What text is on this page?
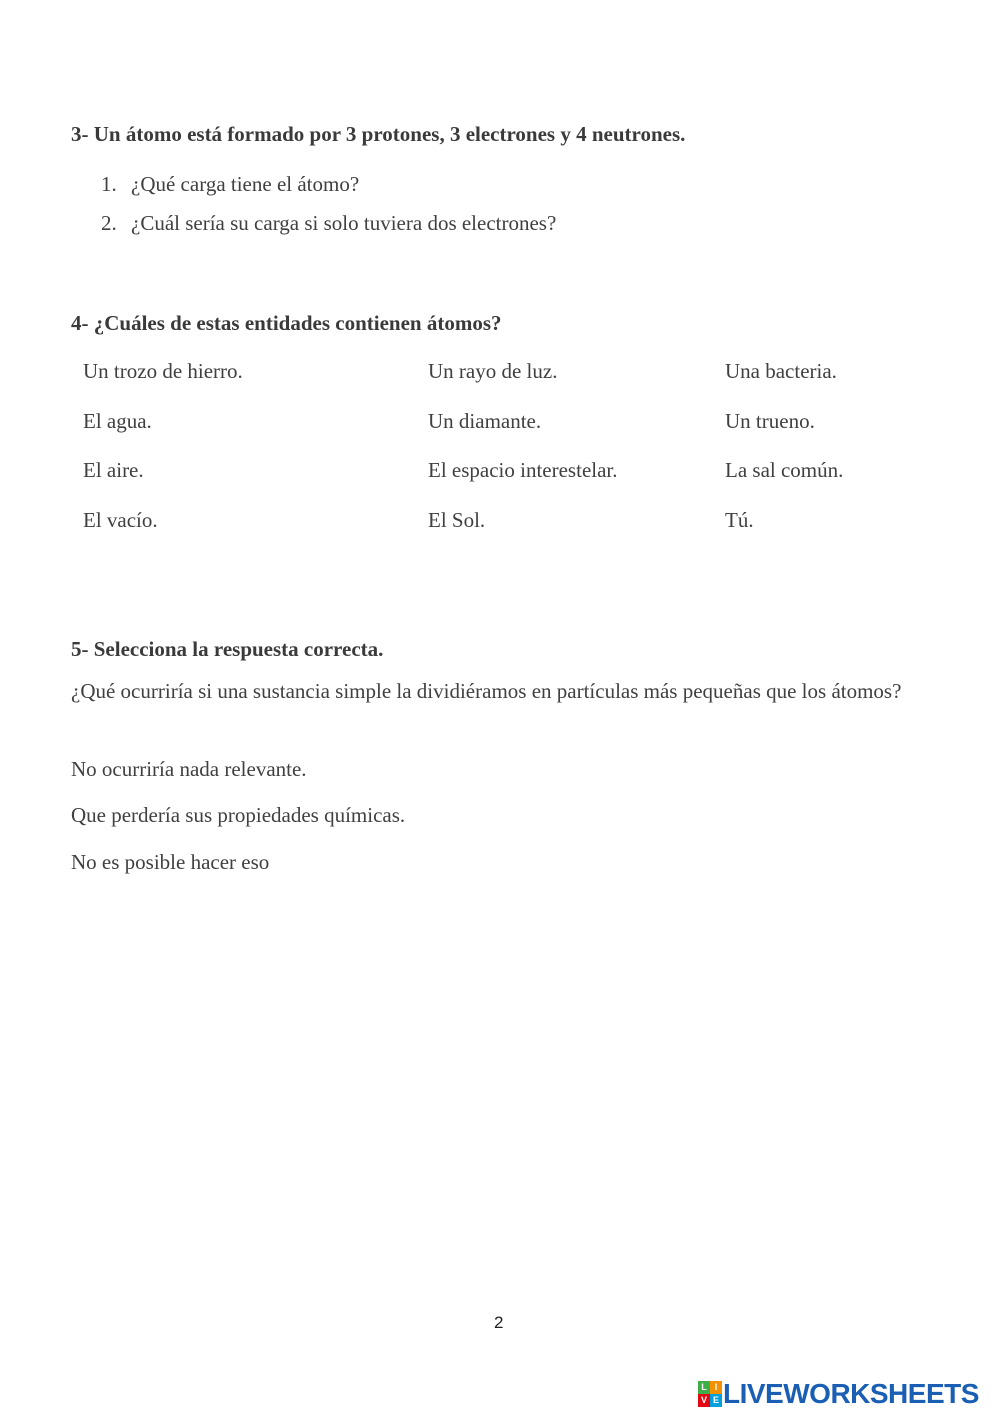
3- Un átomo está formado por 3 protones, 3 electrones y 4 neutrones.
1. ¿Qué carga tiene el átomo?
2. ¿Cuál sería su carga si solo tuviera dos electrones?
4- ¿Cuáles de estas entidades contienen átomos?
Un trozo de hierro.	Un rayo de luz.	Una bacteria.
El agua.	Un diamante.	Un trueno.
El aire.	El espacio interestelar.	La sal común.
El vacío.	El Sol.	Tú.
5- Selecciona la respuesta correcta.
¿Qué ocurriría si una sustancia simple la dividiéramos en partículas más pequeñas que los átomos?
No ocurriría nada relevante.
Que perdería sus propiedades químicas.
No es posible hacer eso
2
L I
V E LIVEWORKSHEETS
